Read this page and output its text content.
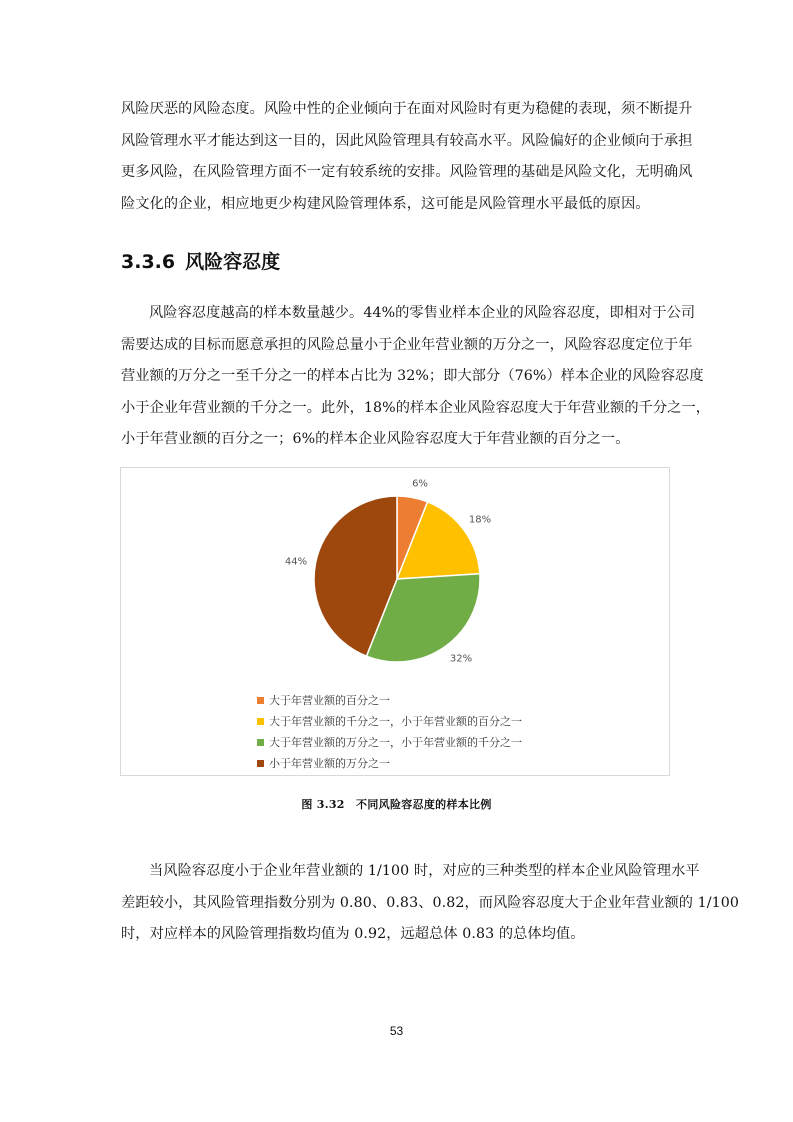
风险厌恶的风险态度。风险中性的企业倾向于在面对风险时有更为稳健的表现，须不断提升
风险管理水平才能达到这一目的，因此风险管理具有较高水平。风险偏好的企业倾向于承担
更多风险，在风险管理方面不一定有较系统的安排。风险管理的基础是风险文化，无明确风
险文化的企业，相应地更少构建风险管理体系，这可能是风险管理水平最低的原因。
3.3.6 风险容忍度
风险容忍度越高的样本数量越少。44%的零售业样本企业的风险容忍度，即相对于公司
需要达成的目标而愿意承担的风险总量小于企业年营业额的万分之一，风险容忍度定位于年
营业额的万分之一至千分之一的样本占比为 32%；即大部分（76%）样本企业的风险容忍度
小于企业年营业额的千分之一。此外，18%的样本企业风险容忍度大于年营业额的千分之一，
小于年营业额的百分之一；6%的样本企业风险容忍度大于年营业额的百分之一。
6%
18%
32%
44%
大于年营业额的百分之一
大于年营业额的千分之一，小于年营业额的百分之一
大于年营业额的万分之一，小于年营业额的千分之一
小于年营业额的万分之一

图 3.32　不同风险容忍度的样本比例

当风险容忍度小于企业年营业额的 1/100 时，对应的三种类型的样本企业风险管理水平
差距较小，其风险管理指数分别为 0.80、0.83、0.82，而风险容忍度大于企业年营业额的 1/100
时，对应样本的风险管理指数均值为 0.92，远超总体 0.83 的总体均值。
53
